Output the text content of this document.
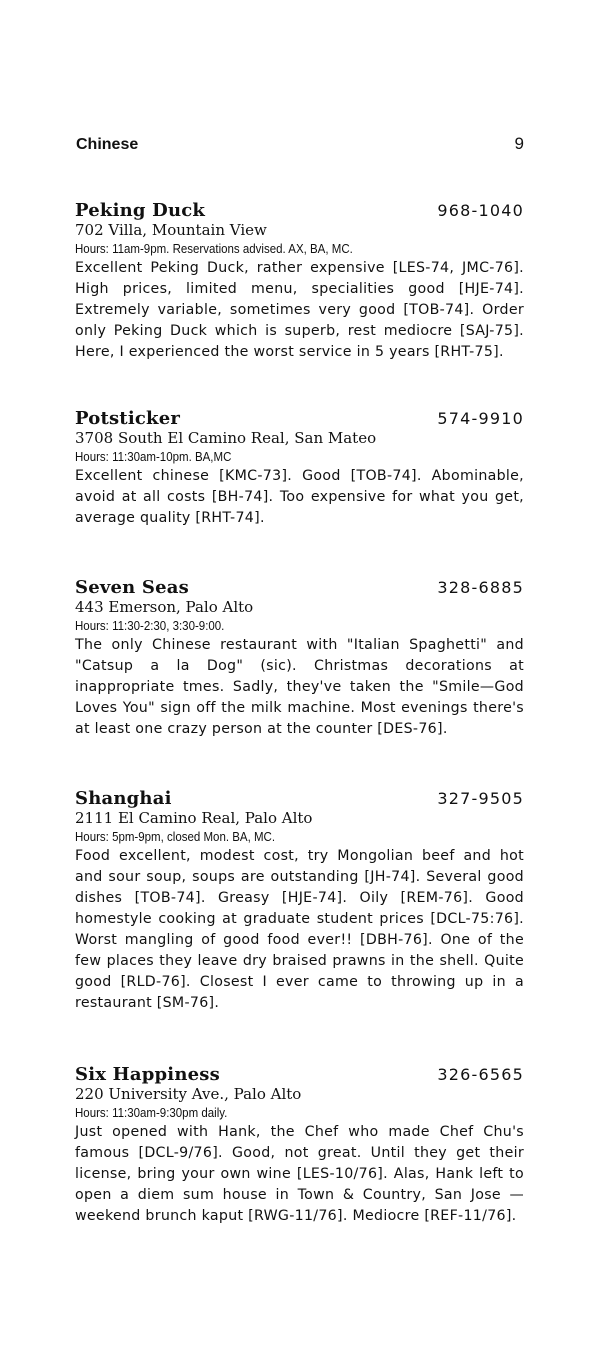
Chinese	9
Peking Duck	968-1040
702 Villa, Mountain View
Hours: 11am-9pm. Reservations advised. AX, BA, MC.
Excellent Peking Duck, rather expensive [LES-74, JMC-76]. High prices, limited menu, specialities good [HJE-74]. Extremely variable, sometimes very good [TOB-74]. Order only Peking Duck which is superb, rest mediocre [SAJ-75]. Here, I experienced the worst service in 5 years [RHT-75].
Potsticker	574-9910
3708 South El Camino Real, San Mateo
Hours: 11:30am-10pm. BA,MC
Excellent chinese [KMC-73]. Good [TOB-74]. Abominable, avoid at all costs [BH-74]. Too expensive for what you get, average quality [RHT-74].
Seven Seas	328-6885
443 Emerson, Palo Alto
Hours: 11:30-2:30, 3:30-9:00.
The only Chinese restaurant with "Italian Spaghetti" and "Catsup a la Dog" (sic). Christmas decorations at inappropriate tmes. Sadly, they've taken the "Smile—God Loves You" sign off the milk machine. Most evenings there's at least one crazy person at the counter [DES-76].
Shanghai	327-9505
2111 El Camino Real, Palo Alto
Hours: 5pm-9pm, closed Mon. BA, MC.
Food excellent, modest cost, try Mongolian beef and hot and sour soup, soups are outstanding [JH-74]. Several good dishes [TOB-74]. Greasy [HJE-74]. Oily [REM-76]. Good homestyle cooking at graduate student prices [DCL-75:76]. Worst mangling of good food ever!! [DBH-76]. One of the few places they leave dry braised prawns in the shell. Quite good [RLD-76]. Closest I ever came to throwing up in a restaurant [SM-76].
Six Happiness	326-6565
220 University Ave., Palo Alto
Hours: 11:30am-9:30pm daily.
Just opened with Hank, the Chef who made Chef Chu's famous [DCL-9/76]. Good, not great. Until they get their license, bring your own wine [LES-10/76]. Alas, Hank left to open a diem sum house in Town & Country, San Jose —weekend brunch kaput [RWG-11/76]. Mediocre [REF-11/76].
